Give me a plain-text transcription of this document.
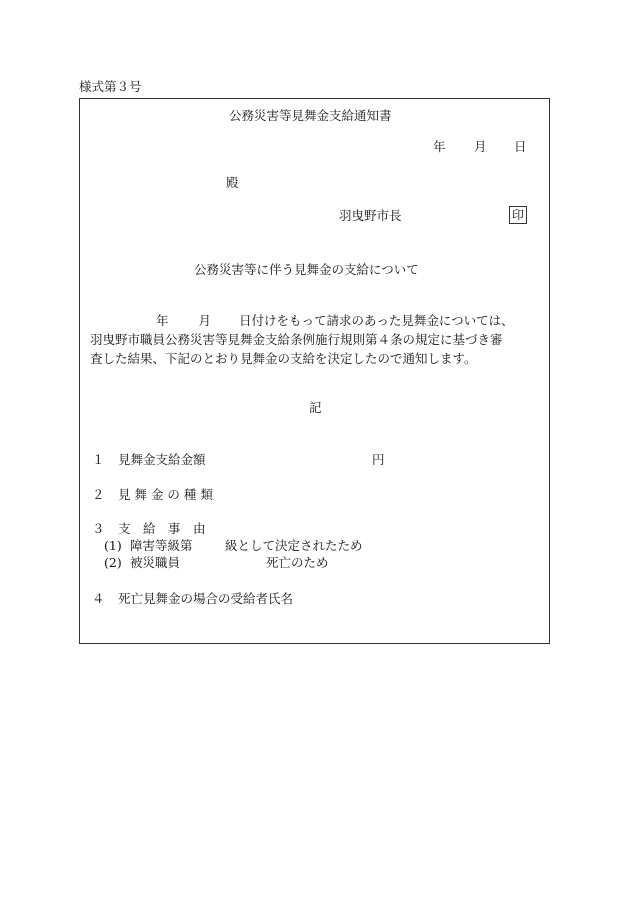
様式第３号
公務災害等見舞金支給通知書
年 月 日
殿
羽曳野市長	印
公務災害等に伴う見舞金の支給について
年 月 日付けをもって請求のあった見舞金については、
羽曳野市職員公務災害等見舞金支給条例施行規則第４条の規定に基づき審
査した結果、下記のとおり見舞金の支給を決定したので通知します。
記
１ 見舞金支給金額	円
２ 見 舞 金 の 種 類
３ 支　給　事　由
(1) 障害等級第	級として決定されたため
(2) 被災職員	死亡のため
４ 死亡見舞金の場合の受給者氏名
